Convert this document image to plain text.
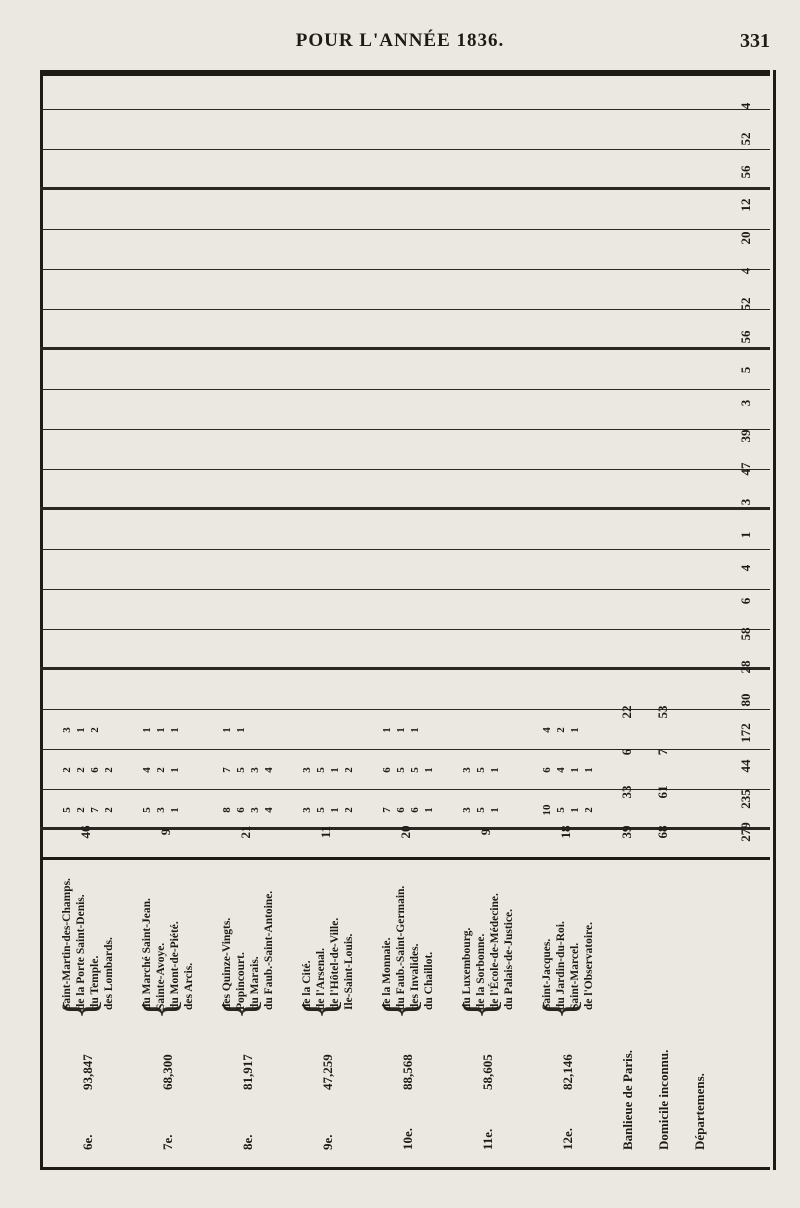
POUR L'ANNÉE 1836.	331
6e.
93,847
{
Saint-Martin-des-Champs. de la Porte Saint-Denis. du Temple. des Lombards.
46
5 2 7 2
2 2 6 2
3 1 2
7e.
68,300
{
du Marché Saint-Jean. Sainte-Avoye. du Mont-de-Piété. des Arcis.
9
5 3 1
4 2 1
1 1 1
8e.
81,917
{
des Quinze-Vingts. Popincourt. du Marais. du Faub.-Saint-Antoine.
21
8 6 3 4
7 5 3 4
1 1
9e.
47,259
{
de la Cité. de l'Arsenal. de l'Hôtel-de-Ville. Ile-Saint-Louis.
11
3 5 1 2
3 5 1 2
10e.
88,568
{
de la Monnaie. du Faub.-Saint-Germain. des Invalides. du Chaillot.
20
7 6 6 1
6 5 5 1
1 1 1
11e.
58,605
{
du Luxembourg. de la Sorbonne. de l'École-de-Médecine. du Palais-de-Justice.
9
3 5 1
3 5 1
12e.
82,146
{
Saint-Jacques. du Jardin-du-Roi. Saint-Marcel. de l'Observatoire.
18
10 5 1 2
6 4 1 1
4 2 1
Banlieue de Paris.
39
33
6
22
Domicile inconnu.
68
61
7
53
Départemens.
279
235
44
172
80
28
58
6
4
1
3
47
39
3
5
56
52
4
20
12
56
52
4
